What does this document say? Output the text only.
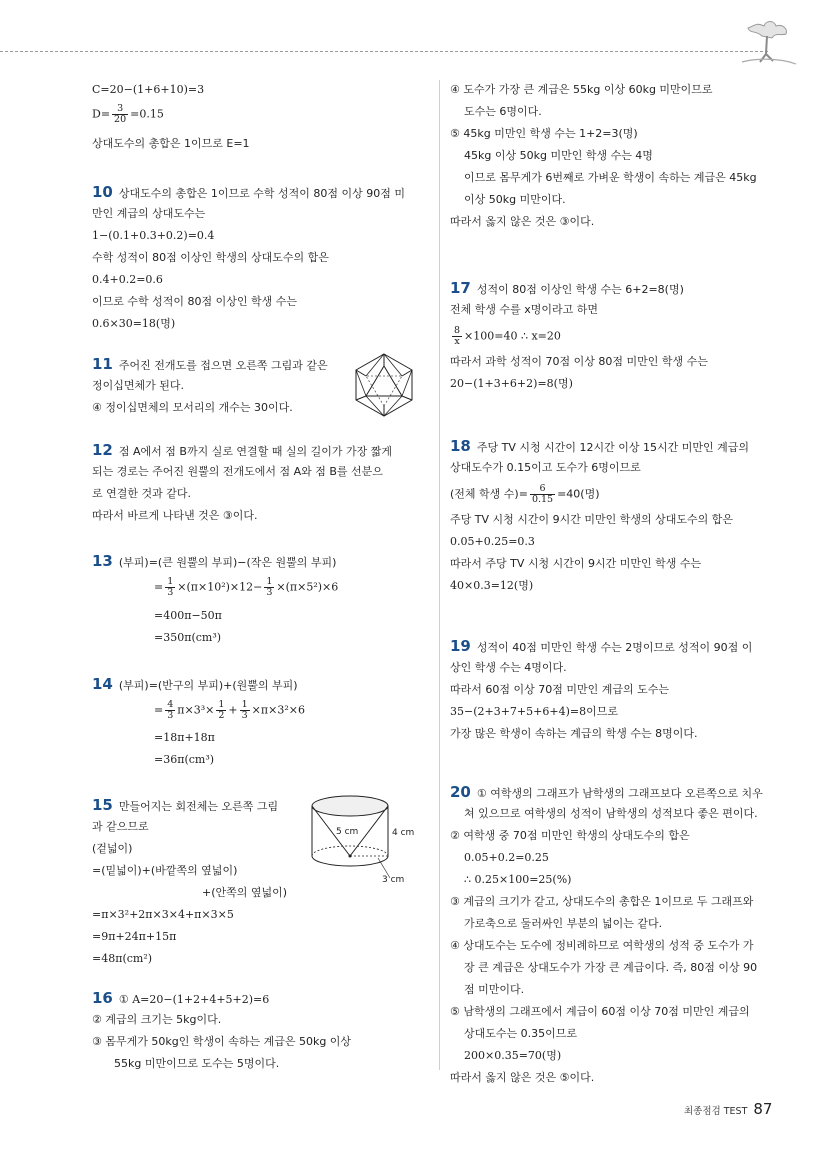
C=20−(1+6+10)=3
$D= \frac{3}{20} =0.15$
상대도수의 총합은 1이므로 E=1
10 상대도수의 총합은 1이므로 수학 성적이 80점 이상 90점 미
만인 계급의 상대도수는
1−(0.1+0.3+0.2)=0.4
수학 성적이 80점 이상인 학생의 상대도수의 합은
0.4+0.2=0.6
이므로 수학 성적이 80점 이상인 학생 수는
0.6×30=18(명)
11 주어진 전개도를 접으면 오른쪽 그림과 같은
정이십면체가 된다.
④ 정이십면체의 모서리의 개수는 30이다.
12 점 A에서 점 B까지 실로 연결할 때 실의 길이가 가장 짧게
되는 경로는 주어진 원뿔의 전개도에서 점 A와 점 B를 선분으
로 연결한 것과 같다.
따라서 바르게 나타낸 것은 ③이다.
13 (부피)=(큰 원뿔의 부피)−(작은 원뿔의 부피)
= $\frac{1}{3} \times(\pi\times 10^2)\times 12- \frac{1}{3} \times(\pi\times 5^2)\times 6$
=400π−50π
=350π(cm³)
14 (부피)=(반구의 부피)+(원뿔의 부피)
= $\frac{4}{3} \pi\times 3^3\times \frac{1}{2} + \frac{1}{3} \times\pi\times 3^2\times 6$
=18π+18π
=36π(cm³)
15 만들어지는 회전체는 오른쪽 그림
과 같으므로
(겉넓이)
=(밑넓이)+(바깥쪽의 옆넓이)
+(안쪽의 옆넓이)
=π×3²+2π×3×4+π×3×5
=9π+24π+15π
=48π(cm²)
5 cm	4 cm
3 cm
16 ① A=20−(1+2+4+5+2)=6
② 계급의 크기는 5kg이다.
③ 몸무게가 50kg인 학생이 속하는 계급은 50kg 이상
55kg 미만이므로 도수는 5명이다.
④ 도수가 가장 큰 계급은 55kg 이상 60kg 미만이므로
도수는 6명이다.
⑤ 45kg 미만인 학생 수는 1+2=3(명)
45kg 이상 50kg 미만인 학생 수는 4명
이므로 몸무게가 6번째로 가벼운 학생이 속하는 계급은 45kg
이상 50kg 미만이다.
따라서 옳지 않은 것은 ③이다.
17 성적이 80점 이상인 학생 수는 6+2=8(명)
전체 학생 수를 x명이라고 하면
$\frac{8}{x} \times 100=40$ ∴ x=20
따라서 과학 성적이 70점 이상 80점 미만인 학생 수는
20−(1+3+6+2)=8(명)
18 주당 TV 시청 시간이 12시간 이상 15시간 미만인 계급의
상대도수가 0.15이고 도수가 6명이므로
(전체 학생 수)= $\frac{6}{0.15} =40$(명)
주당 TV 시청 시간이 9시간 미만인 학생의 상대도수의 합은
0.05+0.25=0.3
따라서 주당 TV 시청 시간이 9시간 미만인 학생 수는
40×0.3=12(명)
19 성적이 40점 미만인 학생 수는 2명이므로 성적이 90점 이
상인 학생 수는 4명이다.
따라서 60점 이상 70점 미만인 계급의 도수는
35−(2+3+7+5+6+4)=8이므로
가장 많은 학생이 속하는 계급의 학생 수는 8명이다.
20 ① 여학생의 그래프가 남학생의 그래프보다 오른쪽으로 치우
쳐 있으므로 여학생의 성적이 남학생의 성적보다 좋은 편이다.
② 여학생 중 70점 미만인 학생의 상대도수의 합은
0.05+0.2=0.25
∴ 0.25×100=25(%)
③ 계급의 크기가 같고, 상대도수의 총합은 1이므로 두 그래프와
가로축으로 둘러싸인 부분의 넓이는 같다.
④ 상대도수는 도수에 정비례하므로 여학생의 성적 중 도수가 가
장 큰 계급은 상대도수가 가장 큰 계급이다. 즉, 80점 이상 90
점 미만이다.
⑤ 남학생의 그래프에서 계급이 60점 이상 70점 미만인 계급의
상대도수는 0.35이므로
200×0.35=70(명)
따라서 옳지 않은 것은 ⑤이다.
최종점검 TEST 87
